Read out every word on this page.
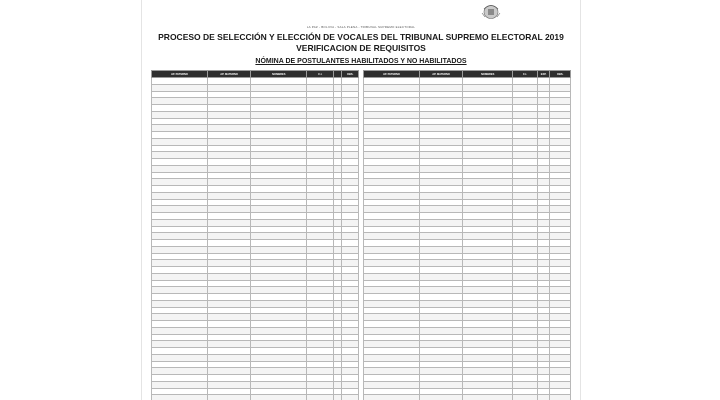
LA PAZ - BOLIVIA - SALA PLENA - TRIBUNAL SUPREMO ELECTORAL
PROCESO DE SELECCIÓN Y ELECCIÓN DE VOCALES DEL TRIBUNAL SUPREMO ELECTORAL 2019
VERIFICACION DE REQUISITOS
NÓMINA DE POSTULANTES HABILITADOS Y NO HABILITADOS
AP. PATERNO	AP. MATERNO	NOMBRES	C.I.		OBS.

						AP. PATERNO	AP. MATERNO	NOMBRES	C.I.	EXP.	OBS.
